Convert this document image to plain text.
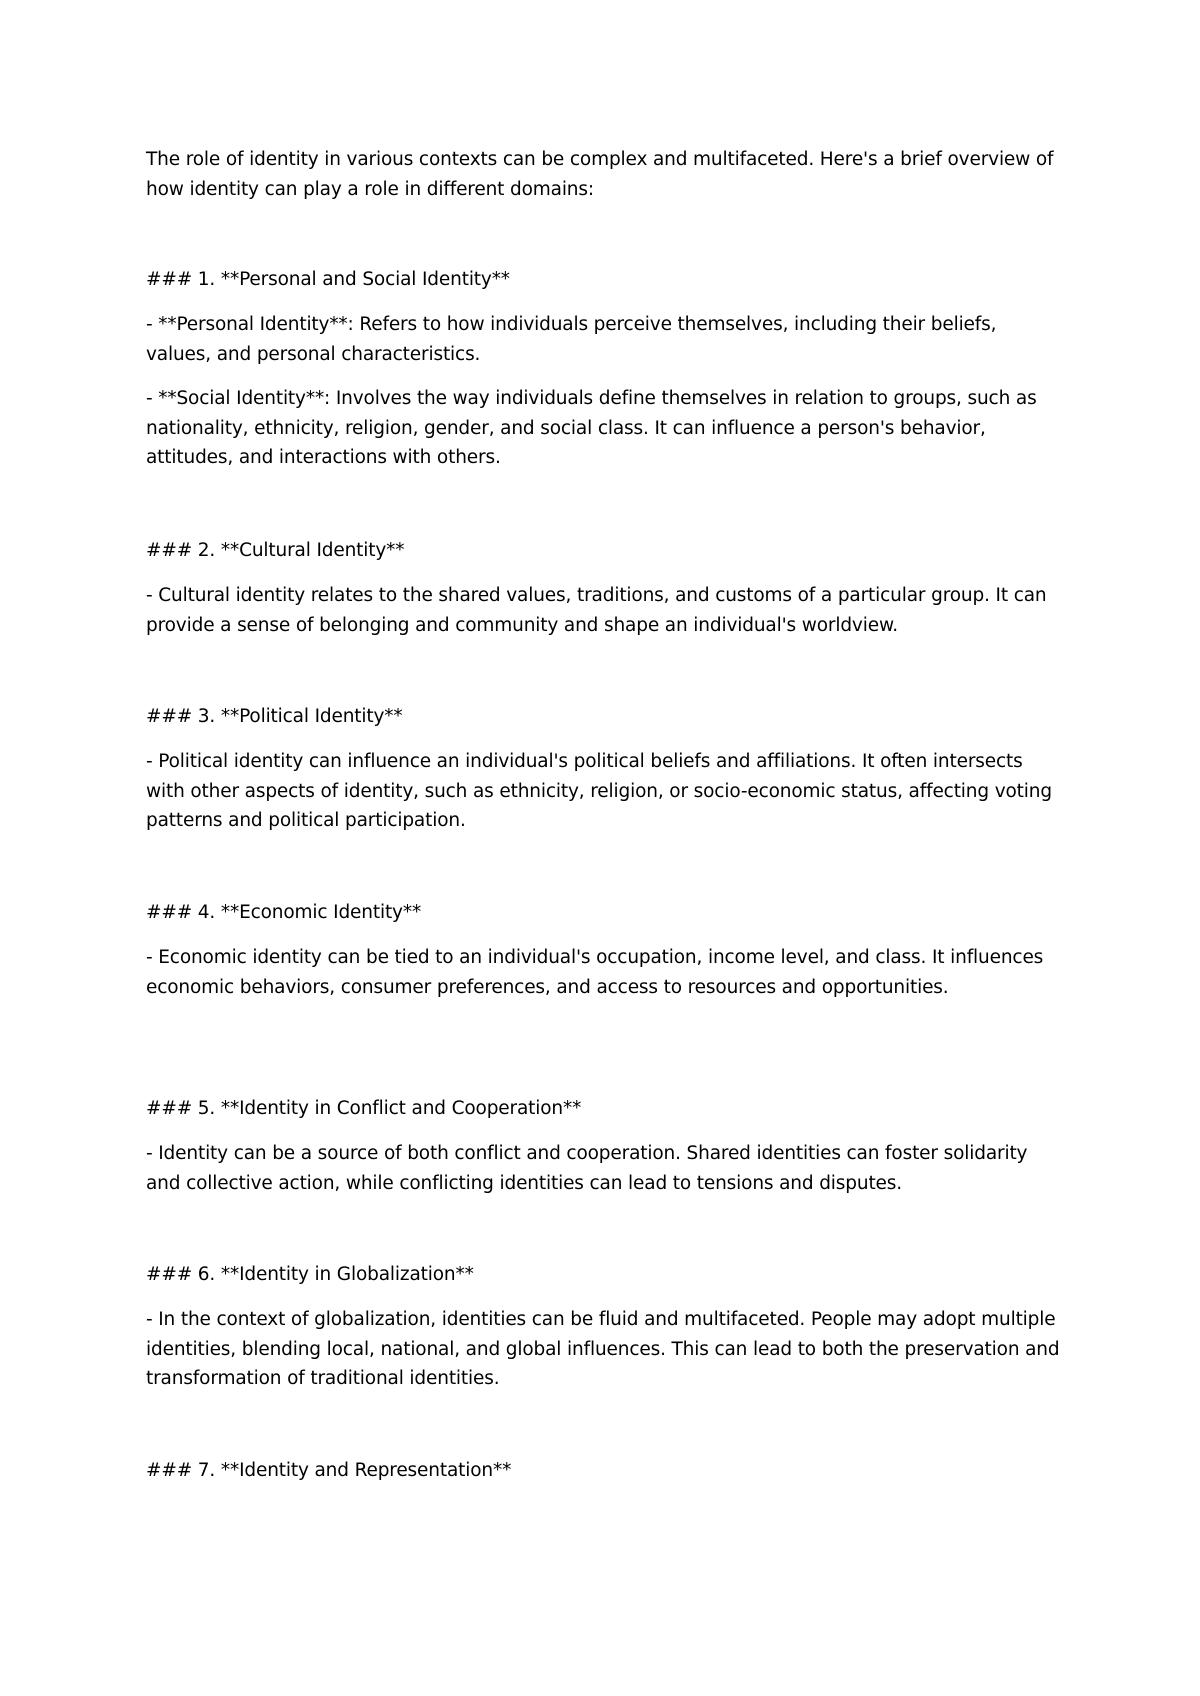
The role of identity in various contexts can be complex and multifaceted. Here's a brief overview of how identity can play a role in different domains:

### 1. **Personal and Social Identity**

- **Personal Identity**: Refers to how individuals perceive themselves, including their beliefs, values, and personal characteristics.

- **Social Identity**: Involves the way individuals define themselves in relation to groups, such as nationality, ethnicity, religion, gender, and social class. It can influence a person's behavior, attitudes, and interactions with others.

### 2. **Cultural Identity**

- Cultural identity relates to the shared values, traditions, and customs of a particular group. It can provide a sense of belonging and community and shape an individual's worldview.

### 3. **Political Identity**

- Political identity can influence an individual's political beliefs and affiliations. It often intersects with other aspects of identity, such as ethnicity, religion, or socio-economic status, affecting voting patterns and political participation.

### 4. **Economic Identity**

- Economic identity can be tied to an individual's occupation, income level, and class. It influences economic behaviors, consumer preferences, and access to resources and opportunities.

### 5. **Identity in Conflict and Cooperation**

- Identity can be a source of both conflict and cooperation. Shared identities can foster solidarity and collective action, while conflicting identities can lead to tensions and disputes.

### 6. **Identity in Globalization**

- In the context of globalization, identities can be fluid and multifaceted. People may adopt multiple identities, blending local, national, and global influences. This can lead to both the preservation and transformation of traditional identities.

### 7. **Identity and Representation**
